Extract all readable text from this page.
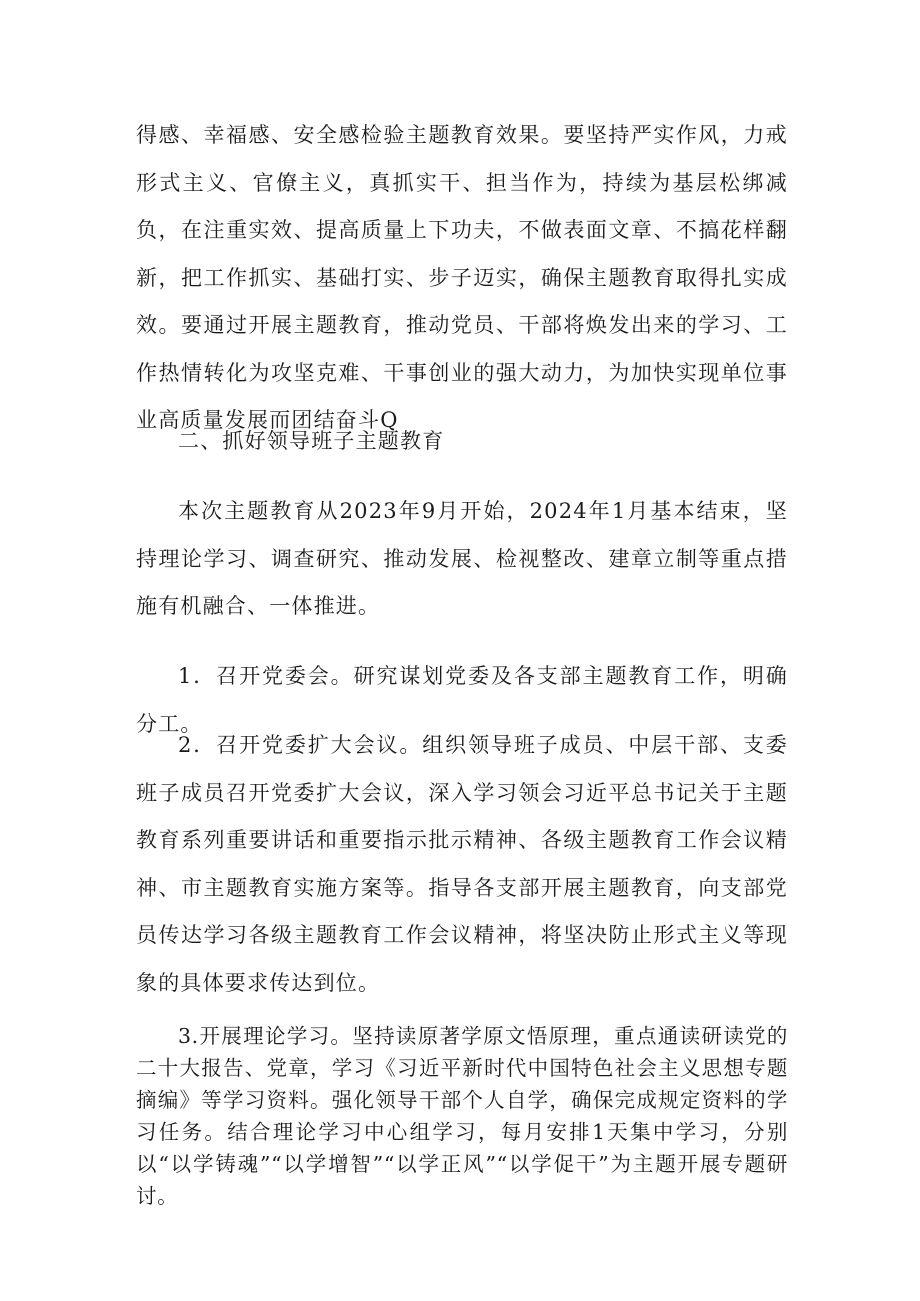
得感、幸福感、安全感检验主题教育效果。要坚持严实作风，力戒形式主义、官僚主义，真抓实干、担当作为，持续为基层松绑减负，在注重实效、提高质量上下功夫，不做表面文章、不搞花样翻新，把工作抓实、基础打实、步子迈实，确保主题教育取得扎实成效。要通过开展主题教育，推动党员、干部将焕发出来的学习、工作热情转化为攻坚克难、干事创业的强大动力，为加快实现单位事业高质量发展而团结奋斗Q

二、抓好领导班子主题教育

本次主题教育从2023年9月开始，2024年1月基本结束，坚持理论学习、调查研究、推动发展、检视整改、建章立制等重点措施有机融合、一体推进。

1．召开党委会。研究谋划党委及各支部主题教育工作，明确分工。

2．召开党委扩大会议。组织领导班子成员、中层干部、支委班子成员召开党委扩大会议，深入学习领会习近平总书记关于主题教育系列重要讲话和重要指示批示精神、各级主题教育工作会议精神、市主题教育实施方案等。指导各支部开展主题教育，向支部党员传达学习各级主题教育工作会议精神，将坚决防止形式主义等现象的具体要求传达到位。

3.开展理论学习。坚持读原著学原文悟原理，重点通读研读党的二十大报告、党章，学习《习近平新时代中国特色社会主义思想专题摘编》等学习资料。强化领导干部个人自学，确保完成规定资料的学习任务。结合理论学习中心组学习，每月安排1天集中学习，分别以“以学铸魂”“以学增智”“以学正风”“以学促干”为主题开展专题研讨。
